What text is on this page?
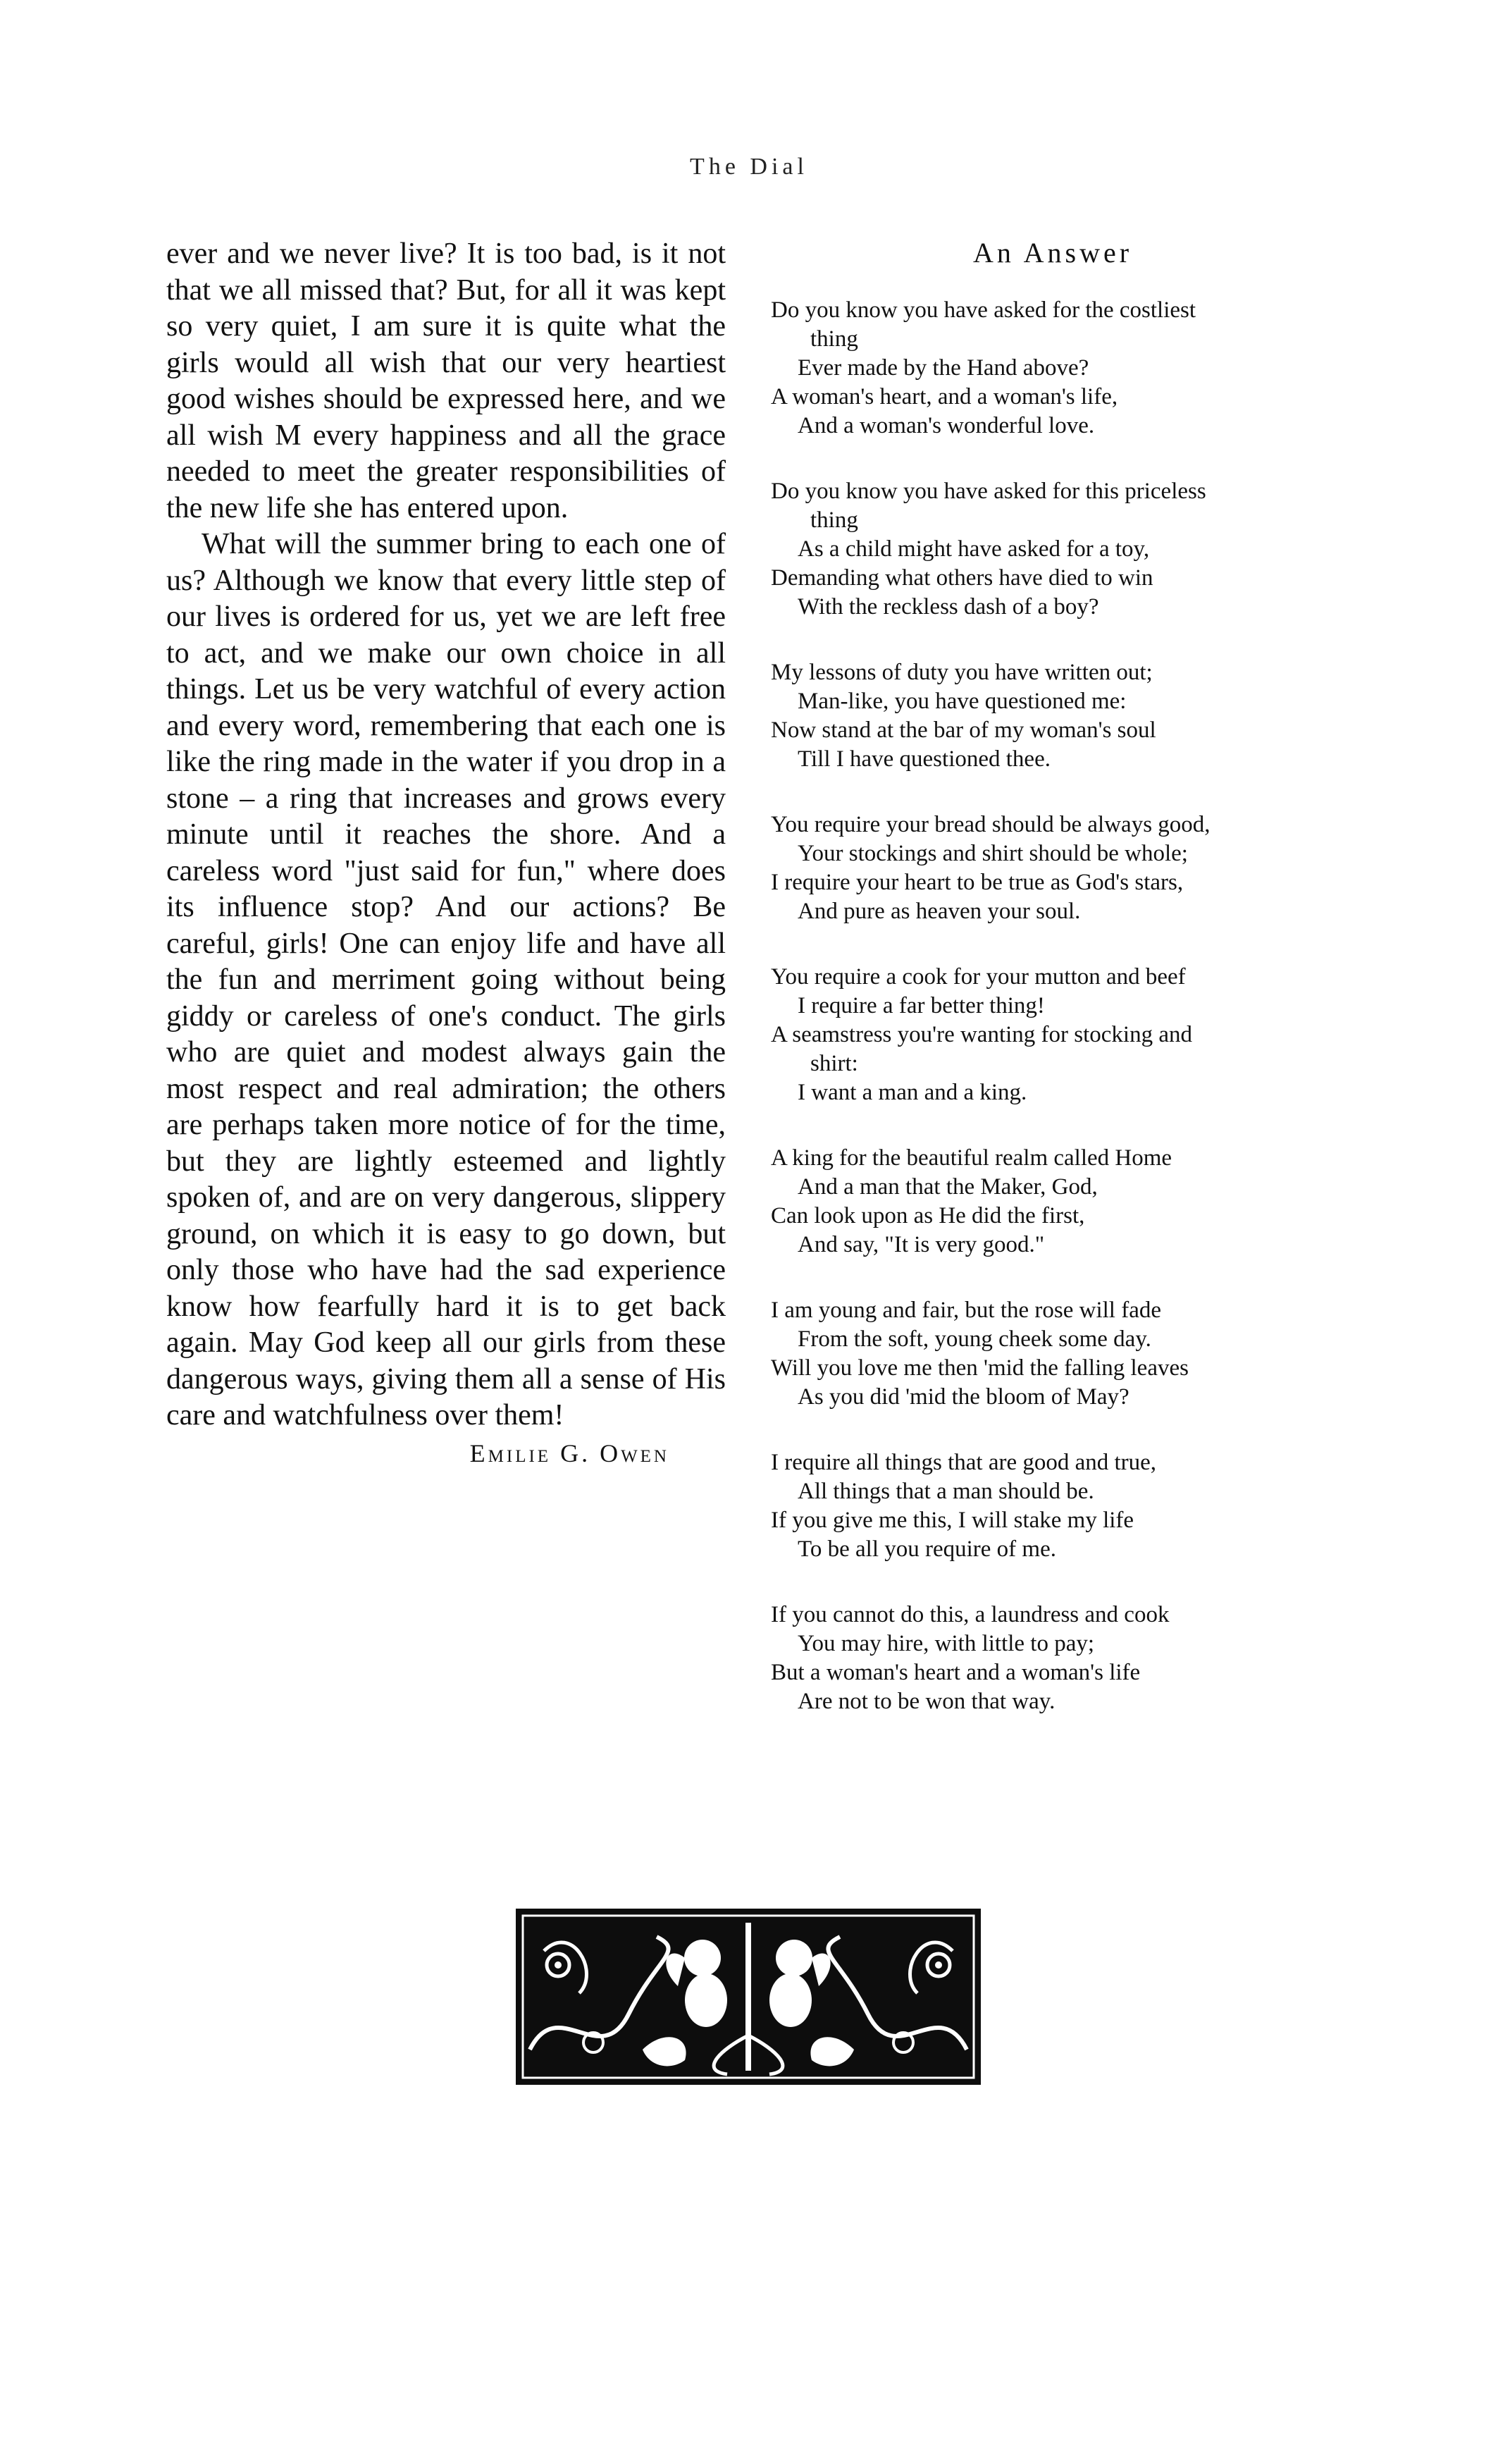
The Dial

ever and we never live? It is too bad, is it not that we all missed that? But, for all it was kept so very quiet, I am sure it is quite what the girls would all wish that our very heartiest good wishes should be expressed here, and we all wish M every happiness and all the grace needed to meet the greater responsibilities of the new life she has entered upon.

What will the summer bring to each one of us? Although we know that every little step of our lives is ordered for us, yet we are left free to act, and we make our own choice in all things. Let us be very watchful of every action and every word, remembering that each one is like the ring made in the water if you drop in a stone – a ring that increases and grows every minute until it reaches the shore. And a careless word "just said for fun," where does its influence stop? And our actions? Be careful, girls! One can enjoy life and have all the fun and merriment going without being giddy or careless of one's conduct. The girls who are quiet and modest always gain the most respect and real admiration; the others are perhaps taken more notice of for the time, but they are lightly esteemed and lightly spoken of, and are on very dangerous, slippery ground, on which it is easy to go down, but only those who have had the sad experience know how fearfully hard it is to get back again. May God keep all our girls from these dangerous ways, giving them all a sense of His care and watchfulness over them!

Emilie G. Owen
An Answer
Do you know you have asked for the costliest
thing
Ever made by the Hand above?
A woman's heart, and a woman's life,
And a woman's wonderful love.
Do you know you have asked for this priceless
thing
As a child might have asked for a toy,
Demanding what others have died to win
With the reckless dash of a boy?
My lessons of duty you have written out;
Man-like, you have questioned me:
Now stand at the bar of my woman's soul
Till I have questioned thee.
You require your bread should be always good,
Your stockings and shirt should be whole;
I require your heart to be true as God's stars,
And pure as heaven your soul.
You require a cook for your mutton and beef
I require a far better thing!
A seamstress you're wanting for stocking and
shirt:
I want a man and a king.
A king for the beautiful realm called Home
And a man that the Maker, God,
Can look upon as He did the first,
And say, "It is very good."
I am young and fair, but the rose will fade
From the soft, young cheek some day.
Will you love me then 'mid the falling leaves
As you did 'mid the bloom of May?
I require all things that are good and true,
All things that a man should be.
If you give me this, I will stake my life
To be all you require of me.
If you cannot do this, a laundress and cook
You may hire, with little to pay;
But a woman's heart and a woman's life
Are not to be won that way.
